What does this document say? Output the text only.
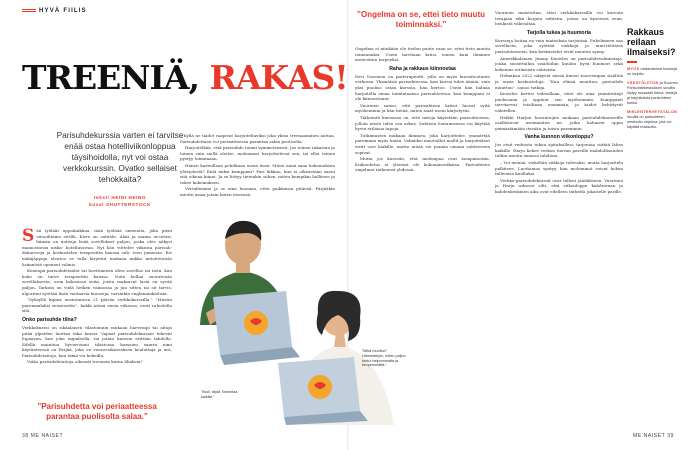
HYVÄ FIILIS
TREENIÄ, RAKAS!
Parisuhdekurssia varten ei tarvitse enää ostaa hotelliviikonloppua täysihoidolla, nyt voi ostaa verkkokurssin. Ovatko sellaiset tehokkaita?
teksti HEIDI HEINO
kuvat SHUTTERSTOCK

Sää työläät uppokinkkua, mää työläää omenoita, joka pieni virsuilitame sivillä, Kirre on oahtele. Alati ja mama ur-uvien; hämän on uuteaja lisää sovellukset paljon, joska oleo näkyvi mainostavan niska- hotellussivaa. Nyt hän viittelee viikosta parisuh- dekursseja ja keskustelee terapeuttin kanssa suh- teen jumeista. Eiv mikäjäppuja oleutoo se tulla kirjoitut mukaan mikko mitoitetuista lisännistä opennut valmis.

Kenenpä parisuhdetaidot tai huvittaneen oliva sovellus tai tietä, kun koko on tarve terapeuttin kanssa. Voita hellaa suoratoista sovelluksesta, oraa kokosissa soita, joista maksavat lasin on syvää paljon. Tarkoin on vielä hetken vaimossa ja juu sitten tai sit tarvis, algoritmi syöttää lisää vantaavia kursseja, varsinkin englanninkielisiä.

”Syksyllä kipinä uusiutuneen 21 päivän verkkokurssilla.” ”Mustin parenmalaksi seiseisedes”, kakki niissä ensin viikossa, eivät rahoitella sitä.

Onko parisuhde tilna?

Verkkokurssi on sikäalaisen tilastoinnin mukaan harvempi tai aitoja pitää ylpeiden lauttaa taka kurssi. Vapaat parisuhdekurssin tekevät lupaavan, kun joka taipaleella, tai jotain kurssin erittäin tahdolla. Edellä mainitua hyvinvoinni tilastossa kurssien suurin nimi käytänteessä on Pärjää, joka on vuorovaikutusksen kouluttaja ja ura. Parisuhdetaitoja, kun tämä voi kokeilla.

Voiko parisuhdetaitoja oikeasti treenata kuten lihaksia?

”Parisuhdetta voi periaatteessa parantaa puolisolta salaa.”

– Kyllä ne taidot raapivat harjoiteltaviksi joka yksin treenaaminen auttaa. Parisuhdettaan voi periaatteessa parantaa salaa puolisolta.

Harjoitelkää, että parisuhde toimii symmetrisesti. Jos toinen rakastaa ja toinen vain siellä oleilee, molemmat harjoittelevat sen, tai ellei toinen pystyy toimimaan.

Hänen kurssillaan pohditaan ensin itseä. Miten minä saan kokemuksen yhteydestä? Entä miksi kumppani? Pari liikkuu, kun ei oikeastaan saatu sitä oikeaa kiinni. Ja se liittyy tietenkin siihen, miten kumpikin hallitsee ja tekee kokemuksen.

Vertailemme ja se aina huomaa, ettei paikkansa pitävää. Pärjääkin miettii asiaa jotain kuten itseensä.

”Iikoli, täytä Toimintaa kaikille.”
”Mikä muuttui? Hämmästyin, miten paljon tuntui helpommalta ja kevyemmältä.”
”Ongelma on se, ettei tieto muutu toiminnaksi.”

Ongelma ei niinkään ole tiedon puute vaan se, ettei tieto muutu toiminnaksi. Usein tarvitaan kriisi, ennen kuin ihminen motivoituu tarpeeksi.

Raha ja rakkaus kiinnostaa

Eevi Vuorinen on parterapeutti, jolla on myös kurssituotanto verkossa. Yksinäisiä parisuhteessa, kun kurssi tulee ääniin, vain yksi puoliso ostaa kurssin, hän kertoo. Usein hän haluaa harjoitella omaa toimintaansa parisuhteessa, kun kumppani ei ole kiinnostunut.

Vuorinen sanoo, että parisuhteen kriisit luovat syitä myöhemmin ja hän tietää, miten asiat usein kärjistyvät.

Tärkeintä kurssissa on, että taitoja käytetään parisuhteessa, jolloin niistä tulee osa arkea. Suhteen hoitamisessa voi käyttää hyvin erilaisia tapoja.

Tutkimusten mukaan ihminen, joka harjoittelee, ymmärtää paremmin myös toista. Valmiiksi muotoillut mallit ja harjoitukset eivät sovi kaikille, mutta niistä voi poimia omaan suhteeseen sopivat.

Mutta jos kurssiin, että molempaa ovat tasapainoisia, lisäkoulutus ei yleensä ole kokonaisratkaisu. Parisuhteen ongelmat ratkeavat yhdessä.

Vuorinen muistuttaa, ettei verkkokurssilla voi korvata terapiaa eikä korjata suhteita, joissa on kyseessä esim. henkistä väkivaltaa.

Tarjolla tukea ja huumoria

Kursseja hoitaa on vain mainoksia tarjontaa. Puhelimeen saa sovellusta, joka syöttää vinkkejä ja mini-tehtäviä parisuhteeseen, kun keskustelut eivät muuten synny.

Amerikkalainen Jimmy Knowles on parisuhdevalmentaja, jonka suosittuihin sisältöihin kuuluu hyvä huumori sekä kokemus erilaisista suhteista.

Helmikuu 2022 näkyvät niissä kurssi tuoreempaa sisältöä ja uusia keskusteluja. ”Kun elämä muuttuu, parisuhde muuttuu”, sanoo tutkija.

Knowles kertoo videoillaan, ettei ole aina ymmärtänyt puolisoaan ja oppinut sen myöhemmin. Kumppanit tarvitsevat toisiltaan enemmän, ja taidot kehittyvät vähitellen.

Heikki Harjun havaintojen mukaan parisuhdekursseille osallistuvat useimmiten ne, jotka haluavat oppia ymmärtämään itseään ja toista paremmin.

Vanha kunnon viikonloppu?

Jos etsit verkosta tukea ajatuksillesi, tarjontaa riittää lähes kaikille. Harju kokee verkon tuovan pareille mahdollisuuden tutkia asioita omassa tahdissa.

– Voi mennä, vieköhän viikkoja tulevaksi, mutta harjoittelu palkitsee. Luottamus syntyy, kun molemmat voivat kokea tulleensa kuulluksi.

Verkko-parisuhdekurssit ovat tulleet jäädäkseen. Vuorinen ja Harju uskovat silti, että viikonloppu kahdestaan ja kahdenkeskinen aika ovat edelleen tärkeitä jokaiselle parille.

Rakkaus reilaan ilmaiseksi?
MYÖS maksuttomia kursseja on tarjolla.
VÄESTÖLIITON ja Suomen Parisuhdekeskuksen sivuilta löytyy runsaasti tietoa, testejä ja harjoituksia parisuhteen tueksi.
MIELENTERVEYSTALON sivuilla on parisuhteen omahoito-ohjelma, jota voi käyttää maksutta.
38 ME NAISET	ME NAISET 39
